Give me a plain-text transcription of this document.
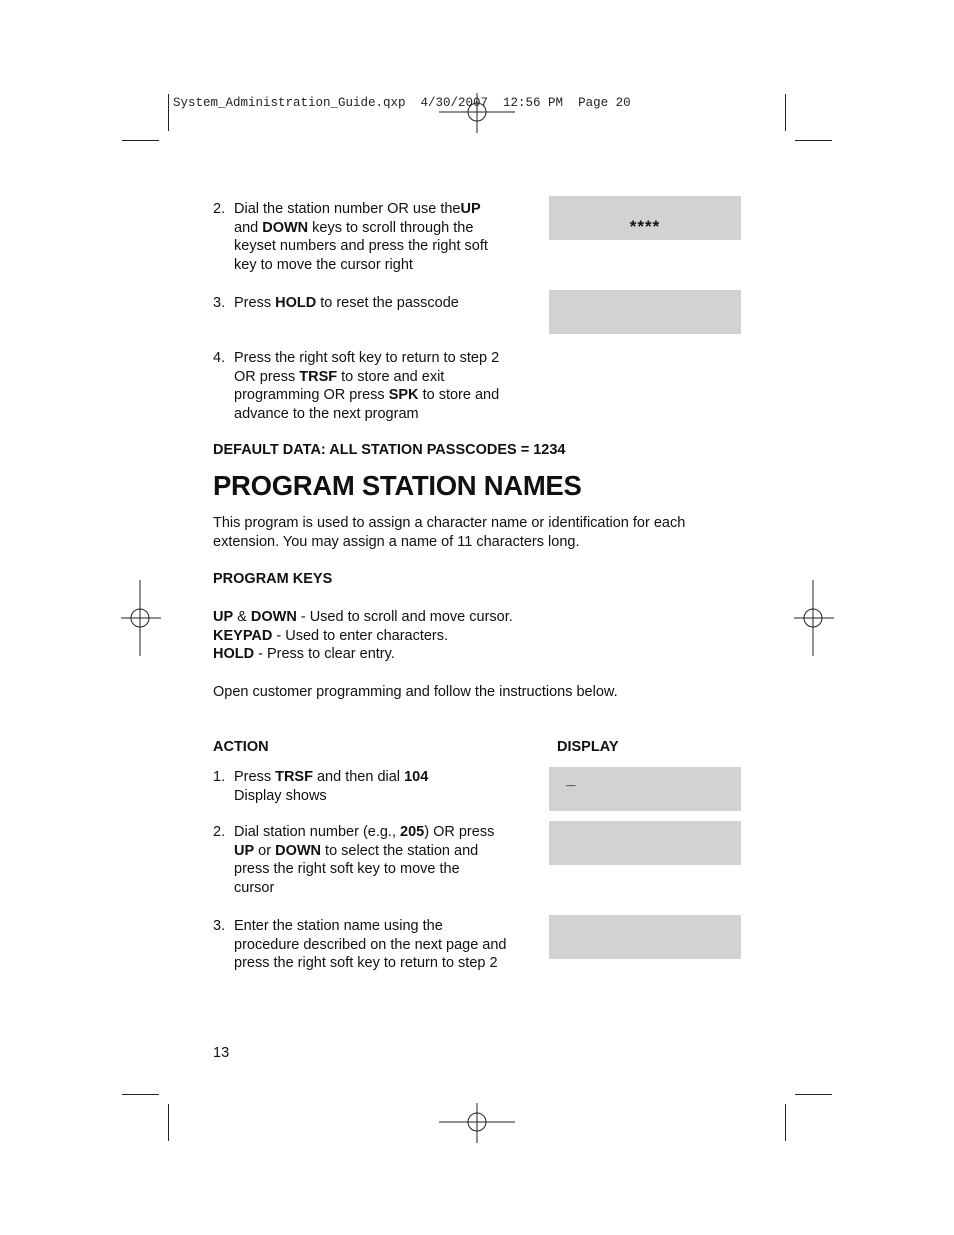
System_Administration_Guide.qxp  4/30/2007  12:56 PM  Page 20
2. Dial the station number OR use theUP and DOWN keys to scroll through the keyset numbers and press the right soft key to move the cursor right
3. Press HOLD to reset the passcode
4. Press the right soft key to return to step 2 OR press TRSF to store and exit programming OR press SPK to store and advance to the next program
****
DEFAULT DATA: ALL STATION PASSCODES = 1234
PROGRAM STATION NAMES
This program is used to assign a character name or identification for each extension. You may assign a name of 11 characters long.
PROGRAM KEYS
UP & DOWN - Used to scroll and move cursor.
KEYPAD - Used to enter characters.
HOLD - Press to clear entry.
Open customer programming and follow the instructions below.
ACTION	DISPLAY
1. Press TRSF and then dial 104 Display shows
2. Dial station number (e.g., 205) OR press UP or DOWN to select the station and press the right soft key to move the cursor
3. Enter the station name using the procedure described on the next page and press the right soft key to return to step 2
_
13
